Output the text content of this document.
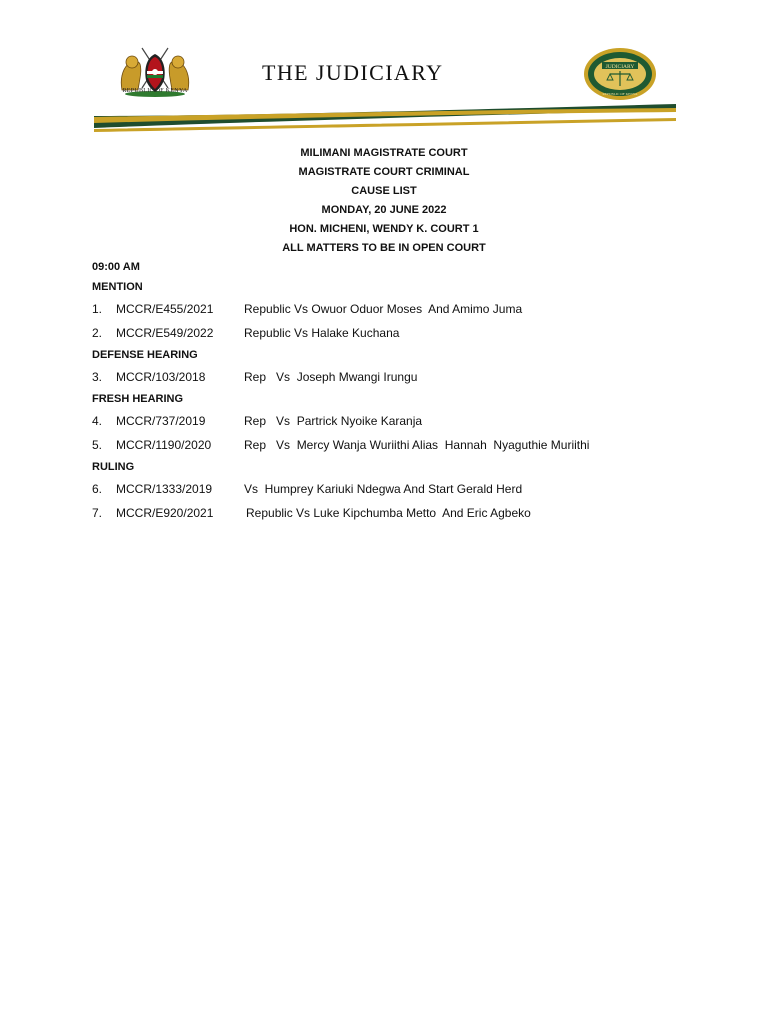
REPUBLIC OF KENYA
THE JUDICIARY	JUDICIARY
REPUBLIC OF KENYA
MILIMANI MAGISTRATE COURT
MAGISTRATE COURT CRIMINAL
CAUSE LIST
MONDAY, 20 JUNE 2022
HON. MICHENI, WENDY K. COURT 1
ALL MATTERS TO BE IN OPEN COURT
09:00 AM
MENTION
1. MCCR/E455/2021	Republic Vs Owuor Oduor Moses  And Amimo Juma
2. MCCR/E549/2022	Republic Vs Halake Kuchana
DEFENSE HEARING
3. MCCR/103/2018	Rep   Vs  Joseph Mwangi Irungu
FRESH HEARING
4. MCCR/737/2019	Rep   Vs  Partrick Nyoike Karanja
5. MCCR/1190/2020	Rep   Vs  Mercy Wanja Wuriithi Alias  Hannah  Nyaguthie Muriithi
RULING
6. MCCR/1333/2019	Vs  Humprey Kariuki Ndegwa And Start Gerald Herd
7. MCCR/E920/2021	Republic Vs Luke Kipchumba Metto  And Eric Agbeko
